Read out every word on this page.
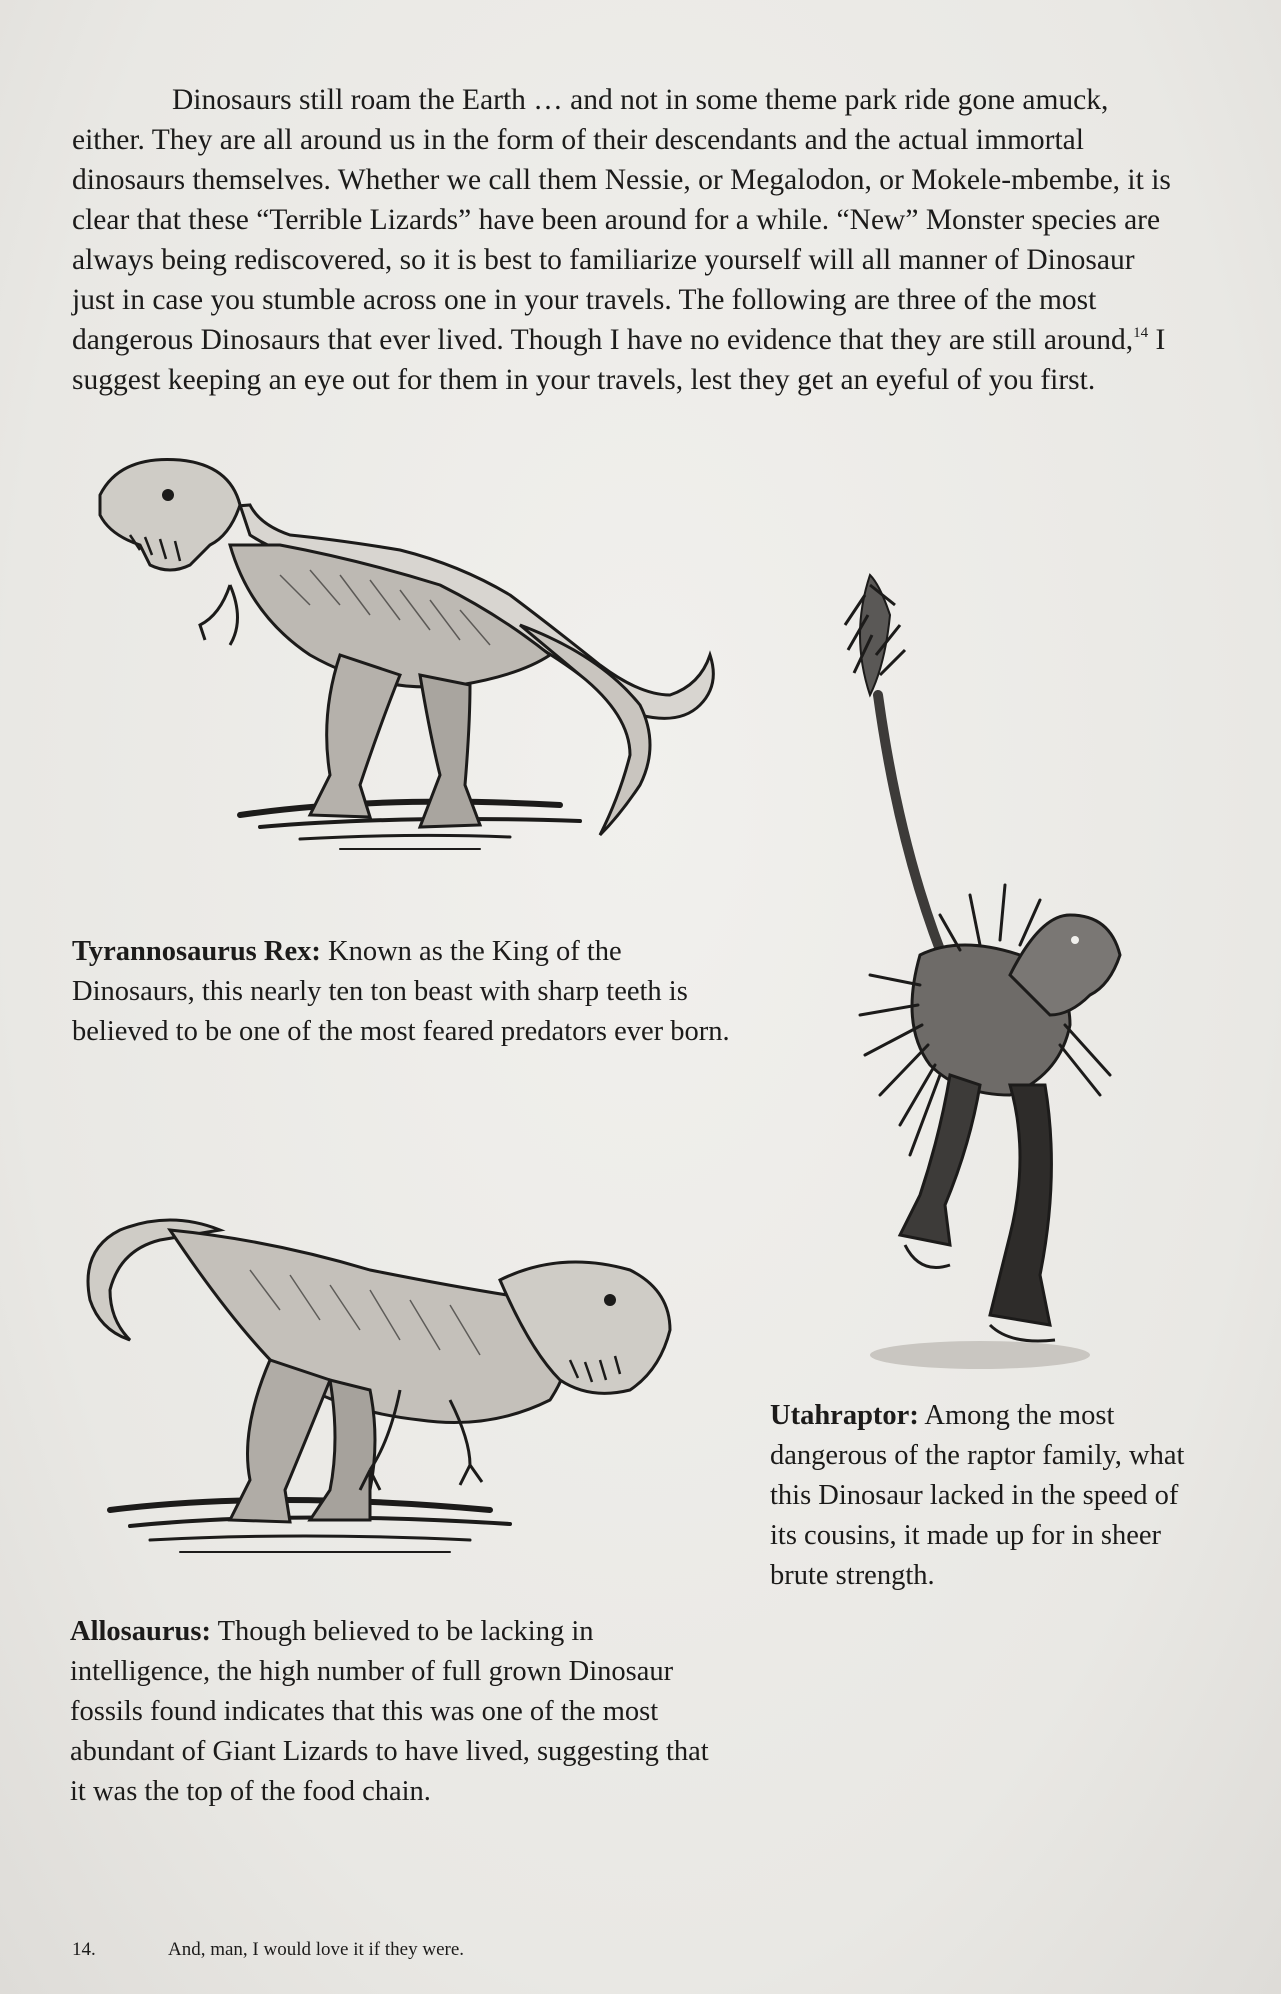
Dinosaurs still roam the Earth … and not in some theme park ride gone amuck, either. They are all around us in the form of their descendants and the actual immortal dinosaurs themselves. Whether we call them Nessie, or Megalodon, or Mokele-mbembe, it is clear that these “Terrible Lizards” have been around for a while. “New” Monster species are always being rediscovered, so it is best to familiarize yourself will all manner of Dinosaur just in case you stumble across one in your travels. The following are three of the most dangerous Dinosaurs that ever lived. Though I have no evidence that they are still around,$^{14}$ I suggest keeping an eye out for them in your travels, lest they get an eyeful of you first.

Tyrannosaurus Rex: Known as the King of the Dinosaurs, this nearly ten ton beast with sharp teeth is believed to be one of the most feared predators ever born.

Utahraptor: Among the most dangerous of the raptor family, what this Dinosaur lacked in the speed of its cousins, it made up for in sheer brute strength.

Allosaurus: Though believed to be lacking in intelligence, the high number of full grown Dinosaur fossils found indicates that this was one of the most abundant of Giant Lizards to have lived, suggesting that it was the top of the food chain.

14.	And, man, I would love it if they were.
